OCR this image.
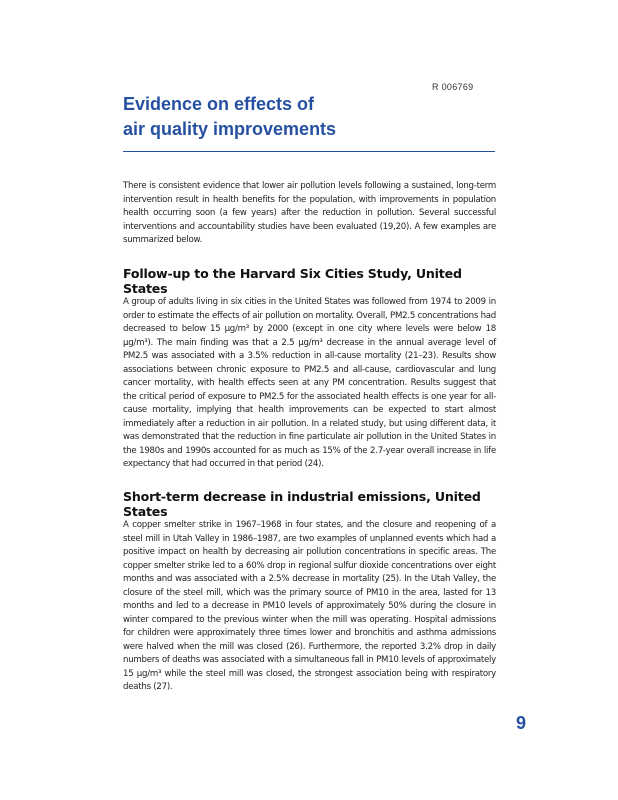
R 006769
Evidence on effects of
air quality improvements

There is consistent evidence that lower air pollution levels following a sustained, long-term intervention result in health benefits for the population, with improvements in population health occurring soon (a few years) after the reduction in pollution. Several successful interventions and accountability studies have been evaluated (19,20). A few examples are summarized below.

Follow-up to the Harvard Six Cities Study, United States

A group of adults living in six cities in the United States was followed from 1974 to 2009 in order to estimate the effects of air pollution on mortality. Overall, PM2.5 concentrations had decreased to below 15 µg/m³ by 2000 (except in one city where levels were below 18 µg/m³). The main finding was that a 2.5 µg/m³ decrease in the annual average level of PM2.5 was associated with a 3.5% reduction in all-cause mortality (21–23). Results show associations between chronic exposure to PM2.5 and all-cause, cardiovascular and lung cancer mortality, with health effects seen at any PM concentration. Results suggest that the critical period of exposure to PM2.5 for the associated health effects is one year for all-cause mortality, implying that health improvements can be expected to start almost immediately after a reduction in air pollution. In a related study, but using different data, it was demonstrated that the reduction in fine particulate air pollution in the United States in the 1980s and 1990s accounted for as much as 15% of the 2.7-year overall increase in life expectancy that had occurred in that period (24).

Short-term decrease in industrial emissions, United States

A copper smelter strike in 1967–1968 in four states, and the closure and reopening of a steel mill in Utah Valley in 1986–1987, are two examples of unplanned events which had a positive impact on health by decreasing air pollution concentrations in specific areas. The copper smelter strike led to a 60% drop in regional sulfur dioxide concentrations over eight months and was associated with a 2.5% decrease in mortality (25). In the Utah Valley, the closure of the steel mill, which was the primary source of PM10 in the area, lasted for 13 months and led to a decrease in PM10 levels of approximately 50% during the closure in winter compared to the previous winter when the mill was operating. Hospital admissions for children were approximately three times lower and bronchitis and asthma admissions were halved when the mill was closed (26). Furthermore, the reported 3.2% drop in daily numbers of deaths was associated with a simultaneous fall in PM10 levels of approximately 15 µg/m³ while the steel mill was closed, the strongest association being with respiratory deaths (27).

9
